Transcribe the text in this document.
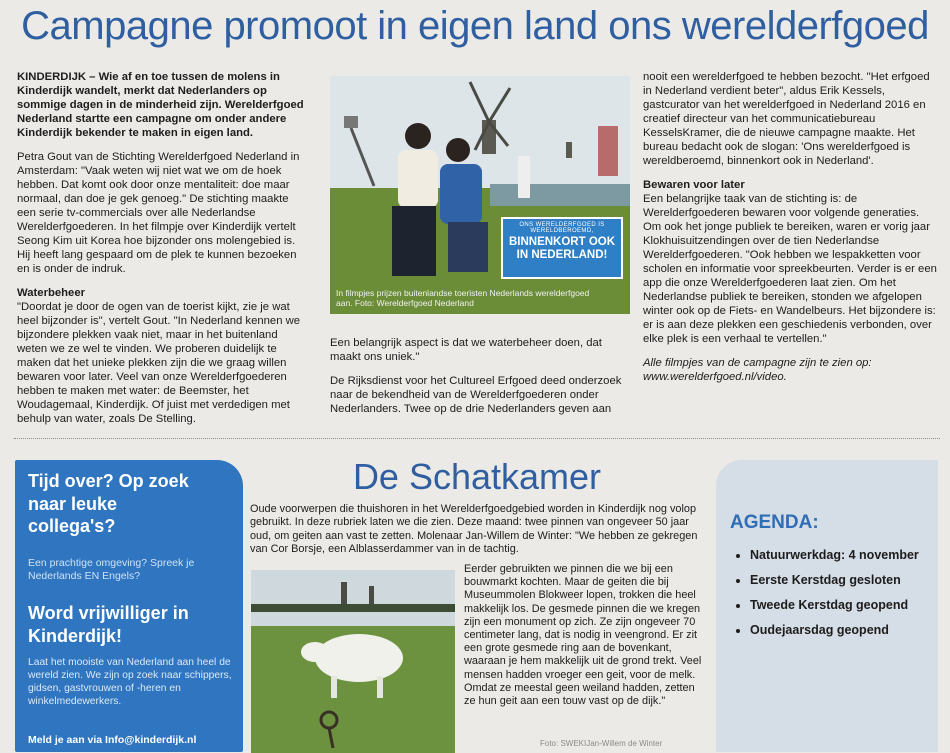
Campagne promoot in eigen land ons werelderfgoed

KINDERDIJK – Wie af en toe tussen de molens in Kinderdijk wandelt, merkt dat Nederlanders op sommige dagen in de minderheid zijn. Werelderfgoed Nederland startte een campagne om onder andere Kinderdijk bekender te maken in eigen land.

Petra Gout van de Stichting Werelderfgoed Nederland in Amsterdam: "Vaak weten wij niet wat we om de hoek hebben. Dat komt ook door onze mentaliteit: doe maar normaal, dan doe je gek genoeg." De stichting maakte een serie tv-commercials over alle Nederlandse Werelderfgoederen. In het filmpje over Kinderdijk vertelt Seong Kim uit Korea hoe bijzonder ons molengebied is. Hij heeft lang gespaard om de plek te kunnen bezoeken en is onder de indruk.

Waterbeheer

"Doordat je door de ogen van de toerist kijkt, zie je wat heel bijzonder is", vertelt Gout. "In Nederland kennen we bijzondere plekken vaak niet, maar in het buitenland weten we ze wel te vinden. We proberen duidelijk te maken dat het unieke plekken zijn die we graag willen bewaren voor later. Veel van onze Werelderfgoederen hebben te maken met water: de Beemster, het Woudagemaal, Kinderdijk. Of juist met verdedigen met behulp van water, zoals De Stelling.

ONS WERELDERFGOED IS WERELDBEROEMD,
BINNENKORT OOK IN NEDERLAND!
In filmpjes prijzen buitenlandse toeristen Nederlands werelderfgoed aan. Foto: Werelderfgoed Nederland

Een belangrijk aspect is dat we waterbeheer doen, dat maakt ons uniek."

De Rijksdienst voor het Cultureel Erfgoed deed onderzoek naar de bekendheid van de Werelderfgoederen onder Nederlanders. Twee op de drie Nederlanders geven aan

nooit een werelderfgoed te hebben bezocht. "Het erfgoed in Nederland verdient beter", aldus Erik Kessels, gastcurator van het werelderfgoed in Nederland 2016 en creatief directeur van het communicatiebureau KesselsKramer, die de nieuwe campagne maakte. Het bureau bedacht ook de slogan: 'Ons werelderfgoed is wereldberoemd, binnenkort ook in Nederland'.

Bewaren voor later

Een belangrijke taak van de stichting is: de Werelderfgoederen bewaren voor volgende generaties. Om ook het jonge publiek te bereiken, waren er vorig jaar Klokhuisuitzendingen over de tien Nederlandse Werelderfgoederen. "Ook hebben we lespakketten voor scholen en informatie voor spreekbeurten. Verder is er een app die onze Werelderfgoederen laat zien. Om het Nederlandse publiek te bereiken, stonden we afgelopen winter ook op de Fiets- en Wandelbeurs. Het bijzondere is: er is aan deze plekken een geschiedenis verbonden, over elke plek is een verhaal te vertellen."

Alle filmpjes van de campagne zijn te zien op: www.werelderfgoed.nl/video.

Tijd over? Op zoek naar leuke collega's?
Een prachtige omgeving? Spreek je Nederlands EN Engels?
Word vrijwilliger in Kinderdijk!
Laat het mooiste van Nederland aan heel de wereld zien. We zijn op zoek naar schippers, gidsen, gastvrouwen of -heren en winkelmedewerkers.
Meld je aan via Info@kinderdijk.nl
De Schatkamer
Oude voorwerpen die thuishoren in het Werelderfgoedgebied worden in Kinderdijk nog volop gebruikt. In deze rubriek laten we die zien. Deze maand: twee pinnen van ongeveer 50 jaar oud, om geiten aan vast te zetten. Molenaar Jan-Willem de Winter: "We hebben ze gekregen van Cor Borsje, een Alblasserdammer van in de tachtig.
Eerder gebruikten we pinnen die we bij een bouwmarkt kochten. Maar de geiten die bij Museummolen Blokweer lopen, trokken die heel makkelijk los. De gesmede pinnen die we kregen zijn een monument op zich. Ze zijn ongeveer 70 centimeter lang, dat is nodig in veengrond. Er zit een grote gesmede ring aan de bovenkant, waaraan je hem makkelijk uit de grond trekt. Veel mensen hadden vroeger een geit, voor de melk. Omdat ze meestal geen weiland hadden, zetten ze hun geit aan een touw vast op de dijk."
Foto: SWEKIJan-Willem de Winter
AGENDA:
• Natuurwerkdag: 4 november
• Eerste Kerstdag gesloten
• Tweede Kerstdag geopend
• Oudejaarsdag geopend
